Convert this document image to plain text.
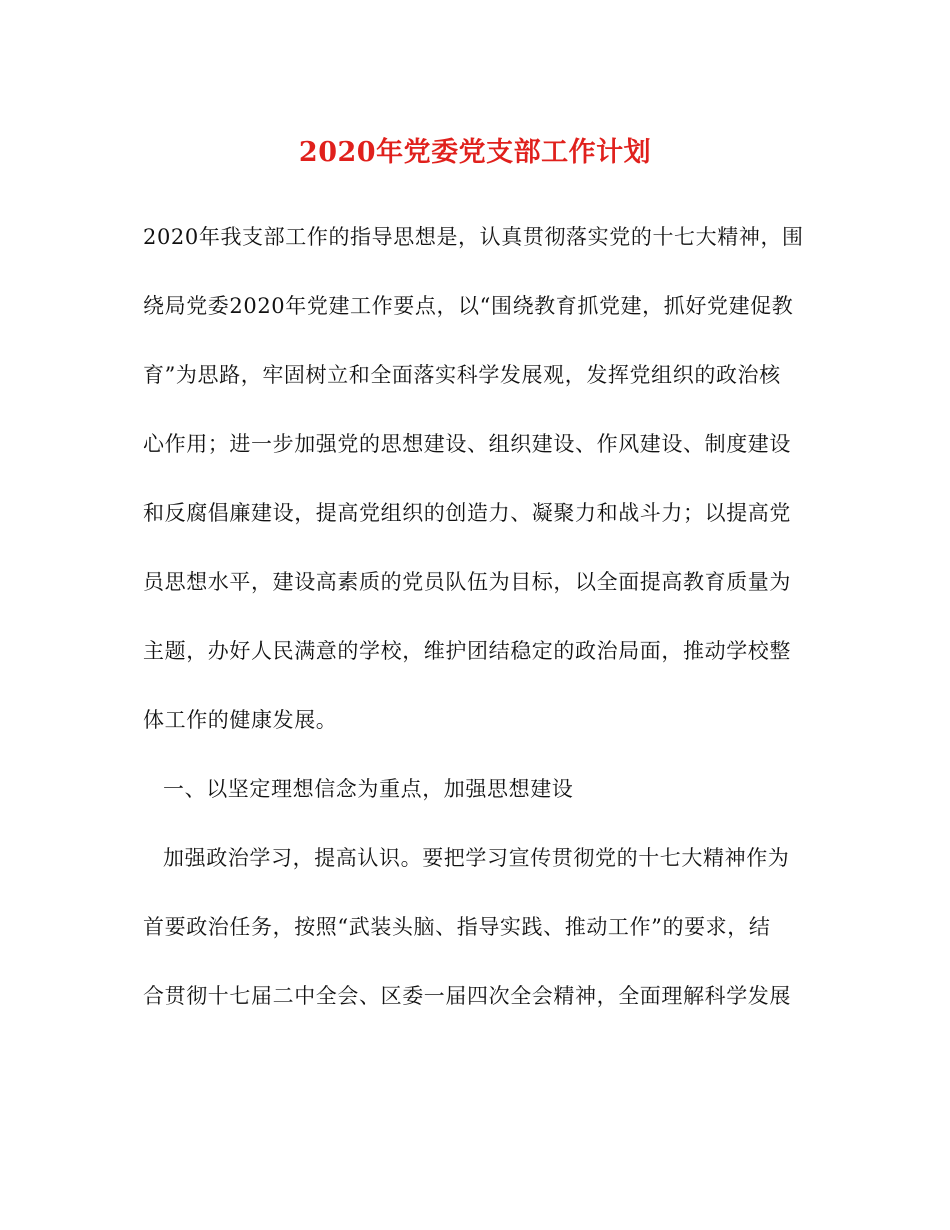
2020年党委党支部工作计划
2020年我支部工作的指导思想是，认真贯彻落实党的十七大精神，围
绕局党委2020年党建工作要点，以“围绕教育抓党建，抓好党建促教
育”为思路，牢固树立和全面落实科学发展观，发挥党组织的政治核
心作用；进一步加强党的思想建设、组织建设、作风建设、制度建设
和反腐倡廉建设，提高党组织的创造力、凝聚力和战斗力；以提高党
员思想水平，建设高素质的党员队伍为目标，以全面提高教育质量为
主题，办好人民满意的学校，维护团结稳定的政治局面，推动学校整
体工作的健康发展。
一、以坚定理想信念为重点，加强思想建设
加强政治学习，提高认识。要把学习宣传贯彻党的十七大精神作为
首要政治任务，按照“武装头脑、指导实践、推动工作”的要求，结
合贯彻十七届二中全会、区委一届四次全会精神，全面理解科学发展
